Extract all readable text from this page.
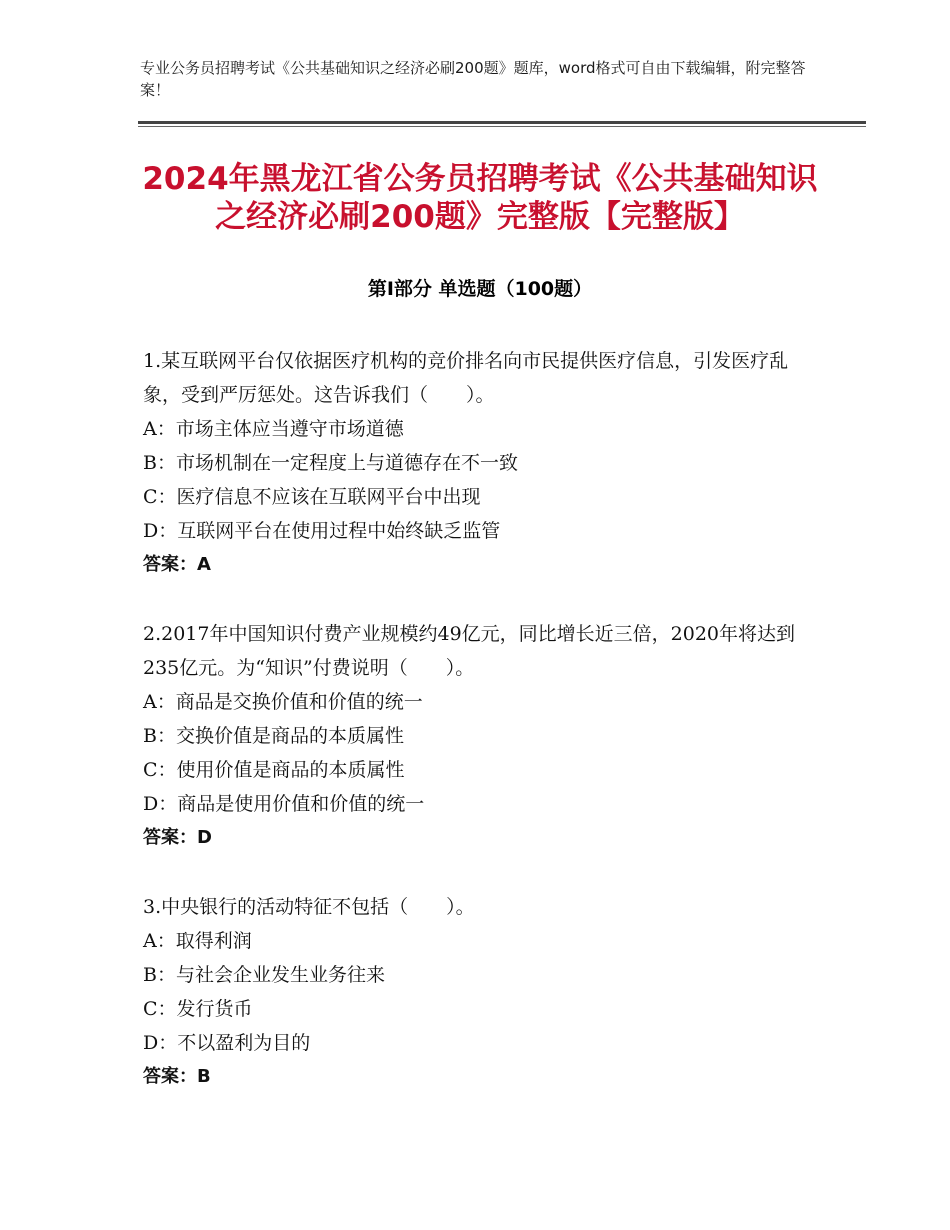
专业公务员招聘考试《公共基础知识之经济必刷200题》题库，word格式可自由下载编辑，附完整答案！
2024年黑龙江省公务员招聘考试《公共基础知识之经济必刷200题》完整版【完整版】
第Ⅰ部分 单选题（100题）
1.某互联网平台仅依据医疗机构的竞价排名向市民提供医疗信息，引发医疗乱象，受到严厉惩处。这告诉我们（　　）。
A：市场主体应当遵守市场道德
B：市场机制在一定程度上与道德存在不一致
C：医疗信息不应该在互联网平台中出现
D：互联网平台在使用过程中始终缺乏监管
答案：A
2.2017年中国知识付费产业规模约49亿元，同比增长近三倍，2020年将达到235亿元。为“知识”付费说明（　　）。
A：商品是交换价值和价值的统一
B：交换价值是商品的本质属性
C：使用价值是商品的本质属性
D：商品是使用价值和价值的统一
答案：D
3.中央银行的活动特征不包括（　　）。
A：取得利润
B：与社会企业发生业务往来
C：发行货币
D：不以盈利为目的
答案：B
